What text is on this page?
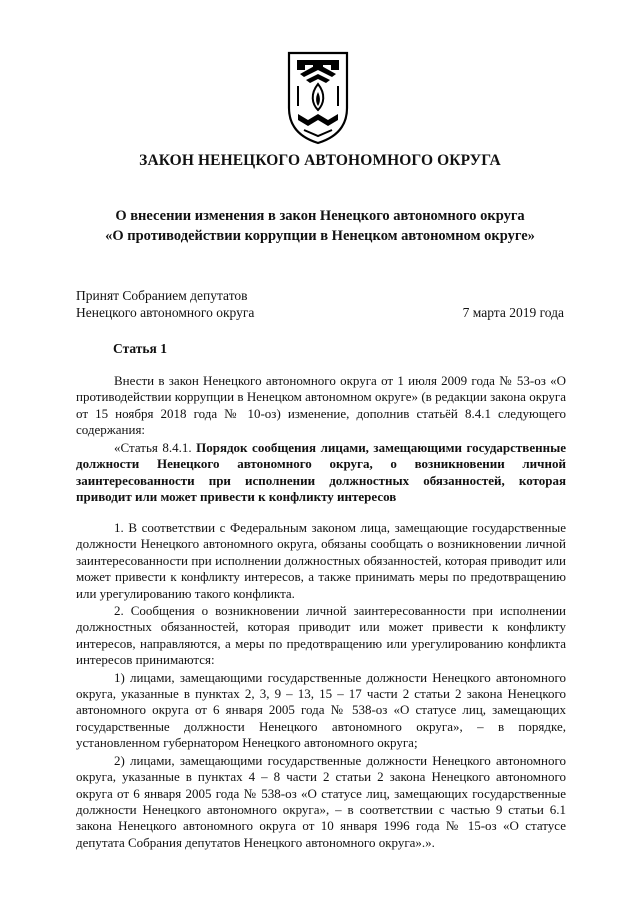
ЗАКОН НЕНЕЦКОГО АВТОНОМНОГО ОКРУГА
О внесении изменения в закон Ненецкого автономного округа
«О противодействии коррупции в Ненецком автономном округе»
Принят Собранием депутатов
Ненецкого автономного округа	7 марта 2019 года
Статья 1

Внести в закон Ненецкого автономного округа от 1 июля 2009 года № 53-оз «О противодействии коррупции в Ненецком автономном округе» (в редакции закона округа от 15 ноября 2018 года № 10-оз) изменение, дополнив статьёй 8.4.1 следующего содержания:

«Статья 8.4.1. Порядок сообщения лицами, замещающими государственные должности Ненецкого автономного округа, о возникновении личной заинтересованности при исполнении должностных обязанностей, которая приводит или может привести к конфликту интересов

1. В соответствии с Федеральным законом лица, замещающие государственные должности Ненецкого автономного округа, обязаны сообщать о возникновении личной заинтересованности при исполнении должностных обязанностей, которая приводит или может привести к конфликту интересов, а также принимать меры по предотвращению или урегулированию такого конфликта.

2. Сообщения о возникновении личной заинтересованности при исполнении должностных обязанностей, которая приводит или может привести к конфликту интересов, направляются, а меры по предотвращению или урегулированию конфликта интересов принимаются:

1) лицами, замещающими государственные должности Ненецкого автономного округа, указанные в пунктах 2, 3, 9 – 13, 15 – 17 части 2 статьи 2 закона Ненецкого автономного округа от 6 января 2005 года № 538-оз «О статусе лиц, замещающих государственные должности Ненецкого автономного округа», – в порядке, установленном губернатором Ненецкого автономного округа;

2) лицами, замещающими государственные должности Ненецкого автономного округа, указанные в пунктах 4 – 8 части 2 статьи 2 закона Ненецкого автономного округа от 6 января 2005 года № 538-оз «О статусе лиц, замещающих государственные должности Ненецкого автономного округа», – в соответствии с частью 9 статьи 6.1 закона Ненецкого автономного округа от 10 января 1996 года № 15-оз «О статусе депутата Собрания депутатов Ненецкого автономного округа».».
